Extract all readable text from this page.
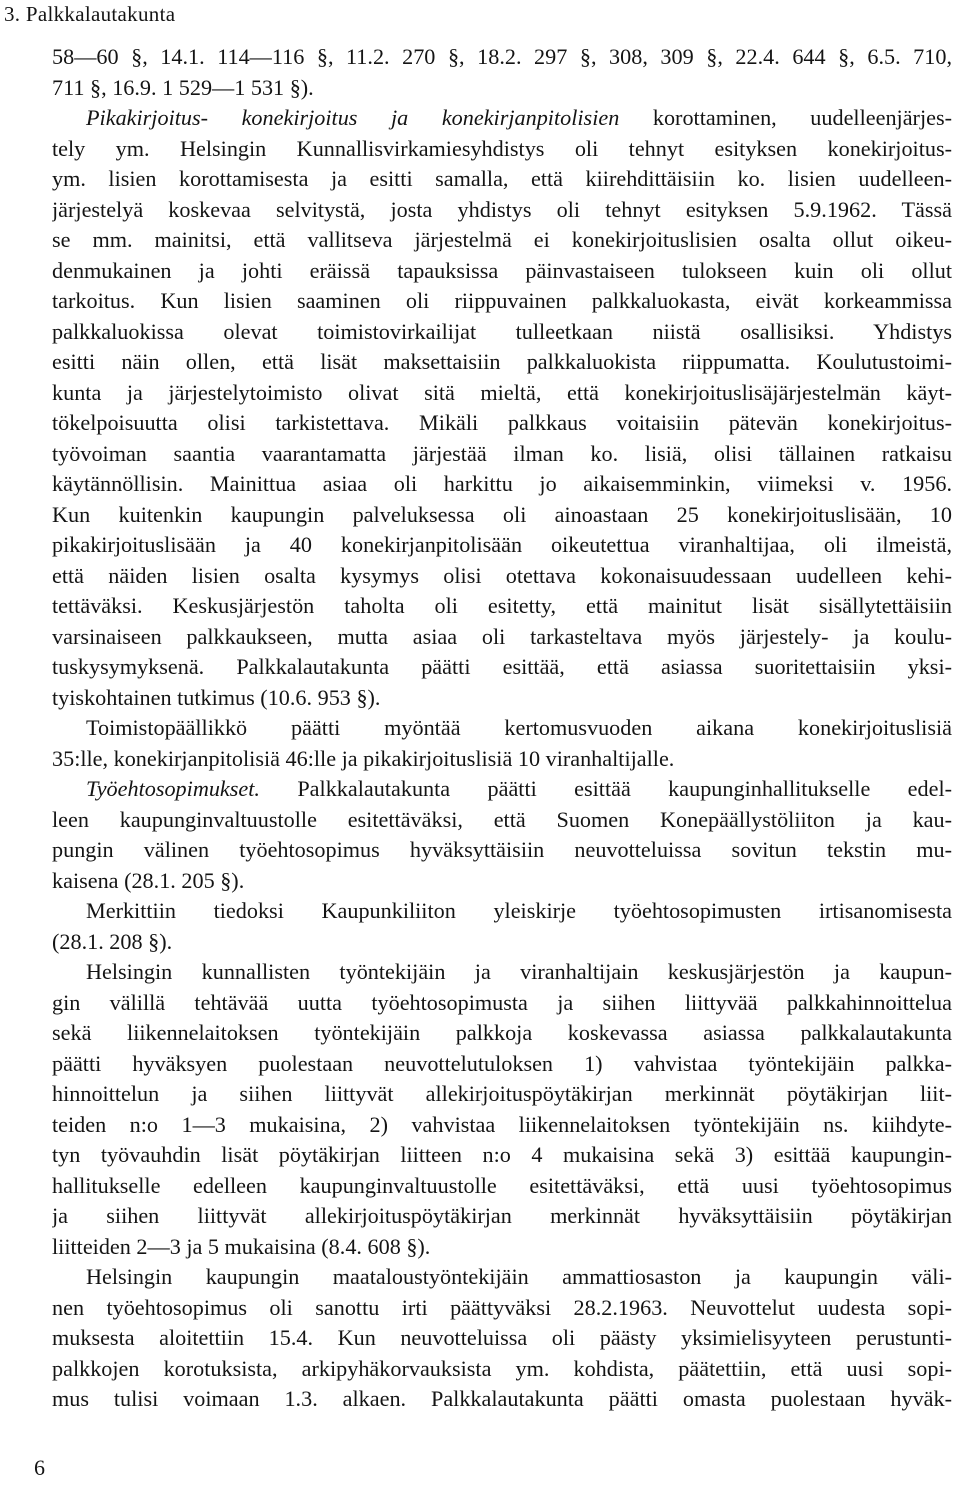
3. Palkkalautakunta
58—60 §, 14.1. 114—116 §, 11.2. 270 §, 18.2. 297 §, 308, 309 §, 22.4. 644 §, 6.5. 710,
711 §, 16.9. 1 529—1 531 §).
Pikakirjoitus- konekirjoitus ja konekirjanpitolisien korottaminen, uudelleenjärjes-
tely ym. Helsingin Kunnallisvirkamiesyhdistys oli tehnyt esityksen konekirjoitus-
ym. lisien korottamisesta ja esitti samalla, että kiirehdittäisiin ko. lisien uudelleen-
järjestelyä koskevaa selvitystä, josta yhdistys oli tehnyt esityksen 5.9.1962. Tässä
se mm. mainitsi, että vallitseva järjestelmä ei konekirjoituslisien osalta ollut oikeu-
denmukainen ja johti eräissä tapauksissa päinvastaiseen tulokseen kuin oli ollut
tarkoitus. Kun lisien saaminen oli riippuvainen palkkaluokasta, eivät korkeammissa
palkkaluokissa olevat toimistovirkailijat tulleetkaan niistä osallisiksi. Yhdistys
esitti näin ollen, että lisät maksettaisiin palkkaluokista riippumatta. Koulutustoimi-
kunta ja järjestelytoimisto olivat sitä mieltä, että konekirjoituslisäjärjestelmän käyt-
tökelpoisuutta olisi tarkistettava. Mikäli palkkaus voitaisiin pätevän konekirjoitus-
työvoiman saantia vaarantamatta järjestää ilman ko. lisiä, olisi tällainen ratkaisu
käytännöllisin. Mainittua asiaa oli harkittu jo aikaisemminkin, viimeksi v. 1956.
Kun kuitenkin kaupungin palveluksessa oli ainoastaan 25 konekirjoituslisään, 10
pikakirjoituslisään ja 40 konekirjanpitolisään oikeutettua viranhaltijaa, oli ilmeistä,
että näiden lisien osalta kysymys olisi otettava kokonaisuudessaan uudelleen kehi-
tettäväksi. Keskusjärjestön taholta oli esitetty, että mainitut lisät sisällytettäisiin
varsinaiseen palkkaukseen, mutta asiaa oli tarkasteltava myös järjestely- ja koulu-
tuskysymyksenä. Palkkalautakunta päätti esittää, että asiassa suoritettaisiin yksi-
tyiskohtainen tutkimus (10.6. 953 §).
Toimistopäällikkö päätti myöntää kertomusvuoden aikana konekirjoituslisiä
35:lle, konekirjanpitolisiä 46:lle ja pikakirjoituslisiä 10 viranhaltijalle.
Työehtosopimukset. Palkkalautakunta päätti esittää kaupunginhallitukselle edel-
leen kaupunginvaltuustolle esitettäväksi, että Suomen Konepäällystöliiton ja kau-
pungin välinen työehtosopimus hyväksyttäisiin neuvotteluissa sovitun tekstin mu-
kaisena (28.1. 205 §).
Merkittiin tiedoksi Kaupunkiliiton yleiskirje työehtosopimusten irtisanomisesta
(28.1. 208 §).
Helsingin kunnallisten työntekijäin ja viranhaltijain keskusjärjestön ja kaupun-
gin välillä tehtävää uutta työehtosopimusta ja siihen liittyvää palkkahinnoittelua
sekä liikennelaitoksen työntekijäin palkkoja koskevassa asiassa palkkalautakunta
päätti hyväksyen puolestaan neuvottelutuloksen 1) vahvistaa työntekijäin palkka-
hinnoittelun ja siihen liittyvät allekirjoituspöytäkirjan merkinnät pöytäkirjan liit-
teiden n:o 1—3 mukaisina, 2) vahvistaa liikennelaitoksen työntekijäin ns. kiihdyte-
tyn työvauhdin lisät pöytäkirjan liitteen n:o 4 mukaisina sekä 3) esittää kaupungin-
hallitukselle edelleen kaupunginvaltuustolle esitettäväksi, että uusi työehtosopimus
ja siihen liittyvät allekirjoituspöytäkirjan merkinnät hyväksyttäisiin pöytäkirjan
liitteiden 2—3 ja 5 mukaisina (8.4. 608 §).
Helsingin kaupungin maataloustyöntekijäin ammattiosaston ja kaupungin väli-
nen työehtosopimus oli sanottu irti päättyväksi 28.2.1963. Neuvottelut uudesta sopi-
muksesta aloitettiin 15.4. Kun neuvotteluissa oli päästy yksimielisyyteen perustunti-
palkkojen korotuksista, arkipyhäkorvauksista ym. kohdista, päätettiin, että uusi sopi-
mus tulisi voimaan 1.3. alkaen. Palkkalautakunta päätti omasta puolestaan hyväk-
6
